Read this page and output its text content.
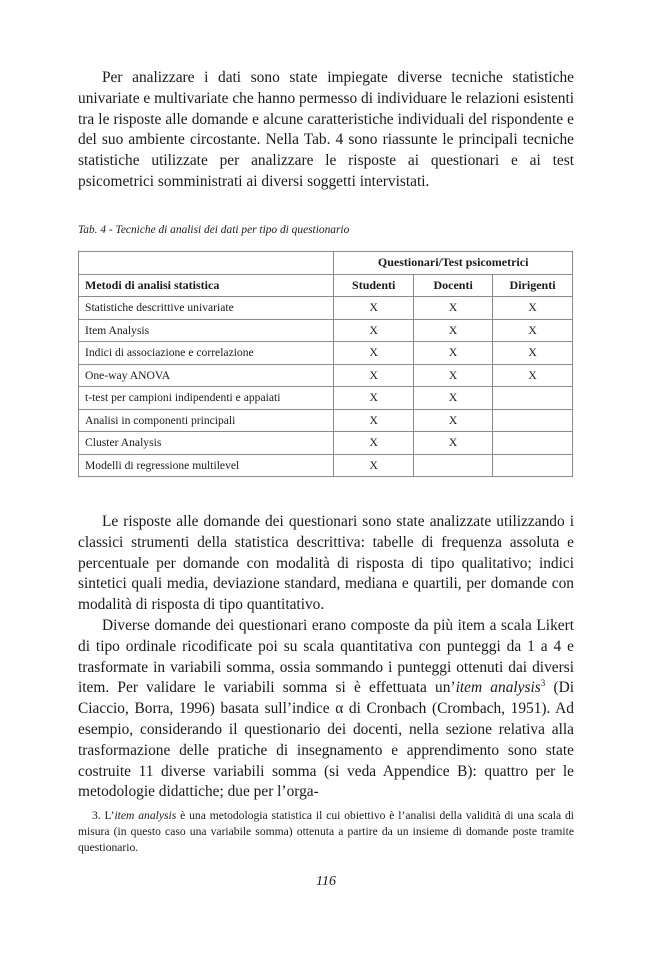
Per analizzare i dati sono state impiegate diverse tecniche statistiche univariate e multivariate che hanno permesso di individuare le relazioni esistenti tra le risposte alle domande e alcune caratteristiche individuali del rispondente e del suo ambiente circostante. Nella Tab. 4 sono riassunte le principali tecniche statistiche utilizzate per analizzare le risposte ai questionari e ai test psicometrici somministrati ai diversi soggetti intervistati.

Tab. 4 - Tecniche di analisi dei dati per tipo di questionario
	Questionari/Test psicometrici		
Metodi di analisi statistica	Studenti	Docenti	Dirigenti
Statistiche descrittive univariate	X	X	X
Item Analysis	X	X	X
Indici di associazione e correlazione	X	X	X
One-way ANOVA	X	X	X
t-test per campioni indipendenti e appaiati	X	X	
Analisi in componenti principali	X	X	
Cluster Analysis	X	X	
Modelli di regressione multilevel	X		

Le risposte alle domande dei questionari sono state analizzate utilizzando i classici strumenti della statistica descrittiva: tabelle di frequenza assoluta e percentuale per domande con modalità di risposta di tipo qualitativo; indici sintetici quali media, deviazione standard, mediana e quartili, per domande con modalità di risposta di tipo quantitativo.

Diverse domande dei questionari erano composte da più item a scala Likert di tipo ordinale ricodificate poi su scala quantitativa con punteggi da 1 a 4 e trasformate in variabili somma, ossia sommando i punteggi ottenuti dai diversi item. Per validare le variabili somma si è effettuata un’item analysis$^3$ (Di Ciaccio, Borra, 1996) basata sull’indice α di Cronbach (Crombach, 1951). Ad esempio, considerando il questionario dei docenti, nella sezione relativa alla trasformazione delle pratiche di insegnamento e apprendimento sono state costruite 11 diverse variabili somma (si veda Appendice B): quattro per le metodologie didattiche; due per l’orga-

3. L’item analysis è una metodologia statistica il cui obiettivo è l’analisi della validità di una scala di misura (in questo caso una variabile somma) ottenuta a partire da un insieme di domande poste tramite questionario.

116
